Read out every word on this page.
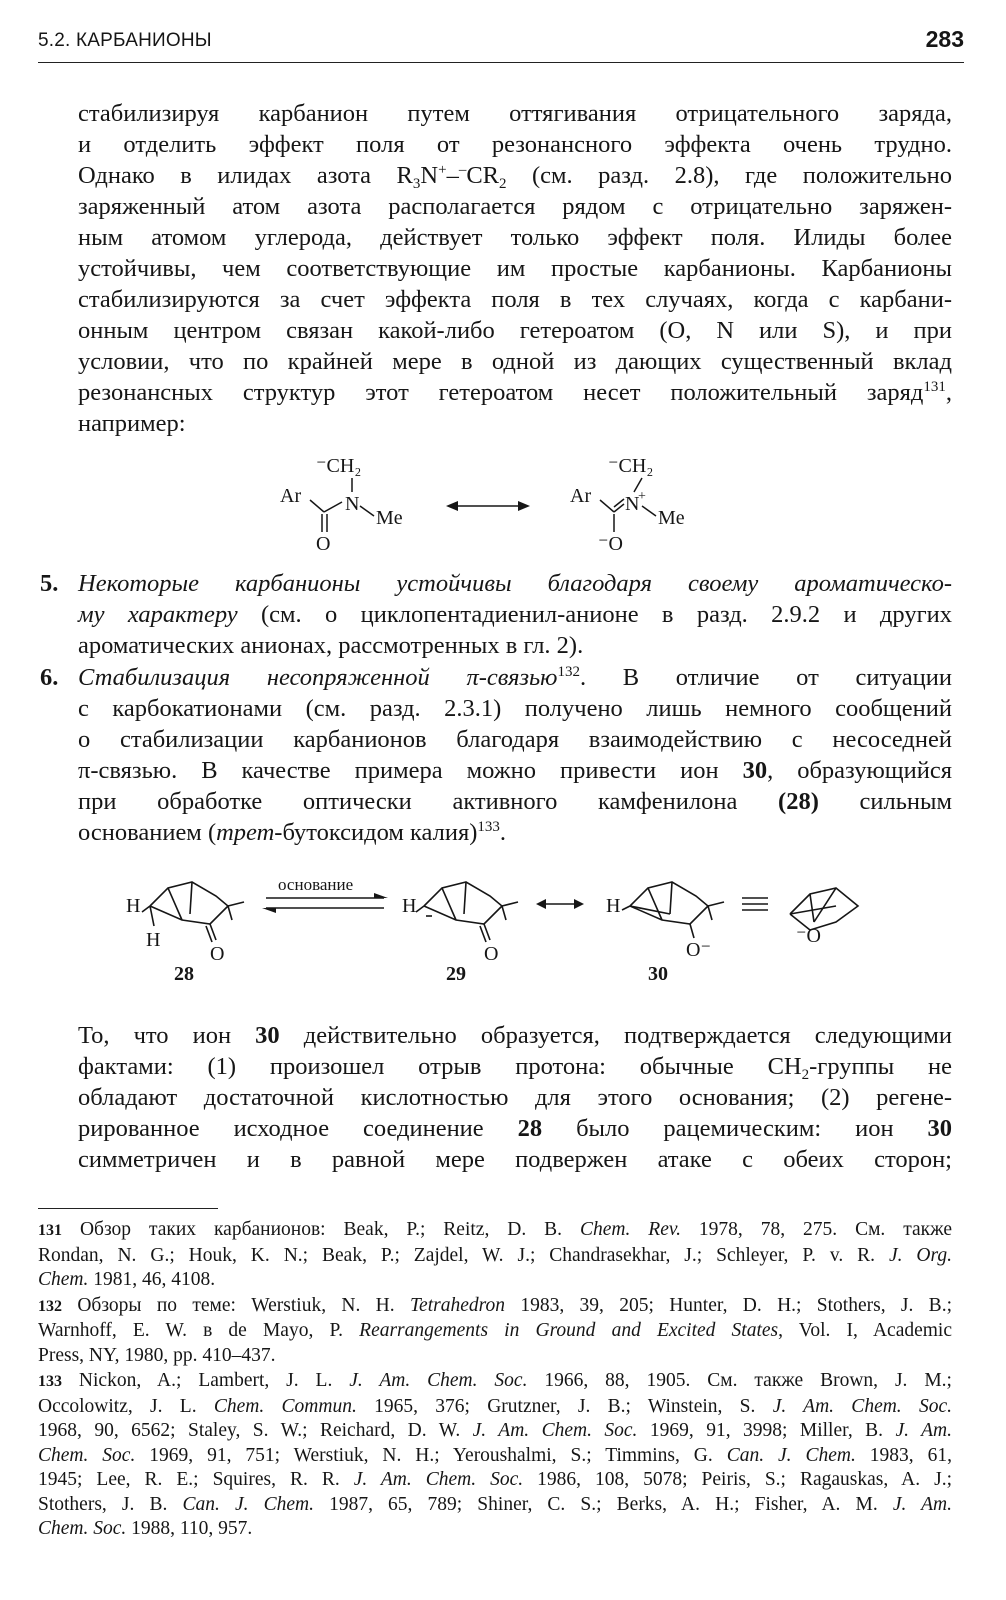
5.2. КАРБАНИОНЫ	283
стабилизируя карбанион путем оттягивания отрицательного заряда,
и отделить эффект поля от резонансного эффекта очень трудно.
Однако в илидах азота $R_3N^+-^-CR_2$ (см. разд. 2.8), где положительно
заряженный атом азота располагается рядом с отрицательно заряжен-
ным атомом углерода, действует только эффект поля. Илиды более
устойчивы, чем соответствующие им простые карбанионы. Карбанионы
стабилизируются за счет эффекта поля в тех случаях, когда с карбани-
онным центром связан какой-либо гетероатом (O, N или S), и при
условии, что по крайней мере в одной из дающих существенный вклад
резонансных структур этот гетероатом несет положительный заряд$^{131}$,
например:
⁻CH₂
N
Ar
Me
O
⁻CH₂
N
+
Ar
Me
⁻O
5. Некоторые карбанионы устойчивы благодаря своему ароматическо-
му характеру (см. о циклопентадиенил-анионе в разд. 2.9.2 и других
ароматических анионах, рассмотренных в гл. 2).
6. Стабилизация несопряженной π-связью$^{132}$. В отличие от ситуации
с карбокатионами (см. разд. 2.3.1) получено лишь немного сообщений
о стабилизации карбанионов благодаря взаимодействию с несоседней
π-связью. В качестве примера можно привести ион 30, образующийся
при обработке оптически активного камфенилона (28) сильным
основанием (трет-бутоксидом калия)$^{133}$.
основание
H
H
O
28
H
O
29
H
O⁻
30
⁻O
То, что ион 30 действительно образуется, подтверждается следующими
фактами: (1) произошел отрыв протона: обычные $CH_2$-группы не
обладают достаточной кислотностью для этого основания; (2) регене-
рированное исходное соединение 28 было рацемическим: ион 30
симметричен и в равной мере подвержен атаке с обеих сторон;
131 Обзор таких карбанионов: Beak, P.; Reitz, D. B. Chem. Rev. 1978, 78, 275. См. также
Rondan, N. G.; Houk, K. N.; Beak, P.; Zajdel, W. J.; Chandrasekhar, J.; Schleyer, P. v. R. J. Org.
Chem. 1981, 46, 4108.
132 Обзоры по теме: Werstiuk, N. H. Tetrahedron 1983, 39, 205; Hunter, D. H.; Stothers, J. B.;
Warnhoff, E. W. в de Mayo, P. Rearrangements in Ground and Excited States, Vol. I, Academic
Press, NY, 1980, pp. 410–437.
133 Nickon, A.; Lambert, J. L. J. Am. Chem. Soc. 1966, 88, 1905. См. также Brown, J. M.;
Occolowitz, J. L. Chem. Commun. 1965, 376; Grutzner, J. B.; Winstein, S. J. Am. Chem. Soc.
1968, 90, 6562; Staley, S. W.; Reichard, D. W. J. Am. Chem. Soc. 1969, 91, 3998; Miller, B. J. Am.
Chem. Soc. 1969, 91, 751; Werstiuk, N. H.; Yeroushalmi, S.; Timmins, G. Can. J. Chem. 1983, 61,
1945; Lee, R. E.; Squires, R. R. J. Am. Chem. Soc. 1986, 108, 5078; Peiris, S.; Ragauskas, A. J.;
Stothers, J. B. Can. J. Chem. 1987, 65, 789; Shiner, C. S.; Berks, A. H.; Fisher, A. M. J. Am.
Chem. Soc. 1988, 110, 957.
